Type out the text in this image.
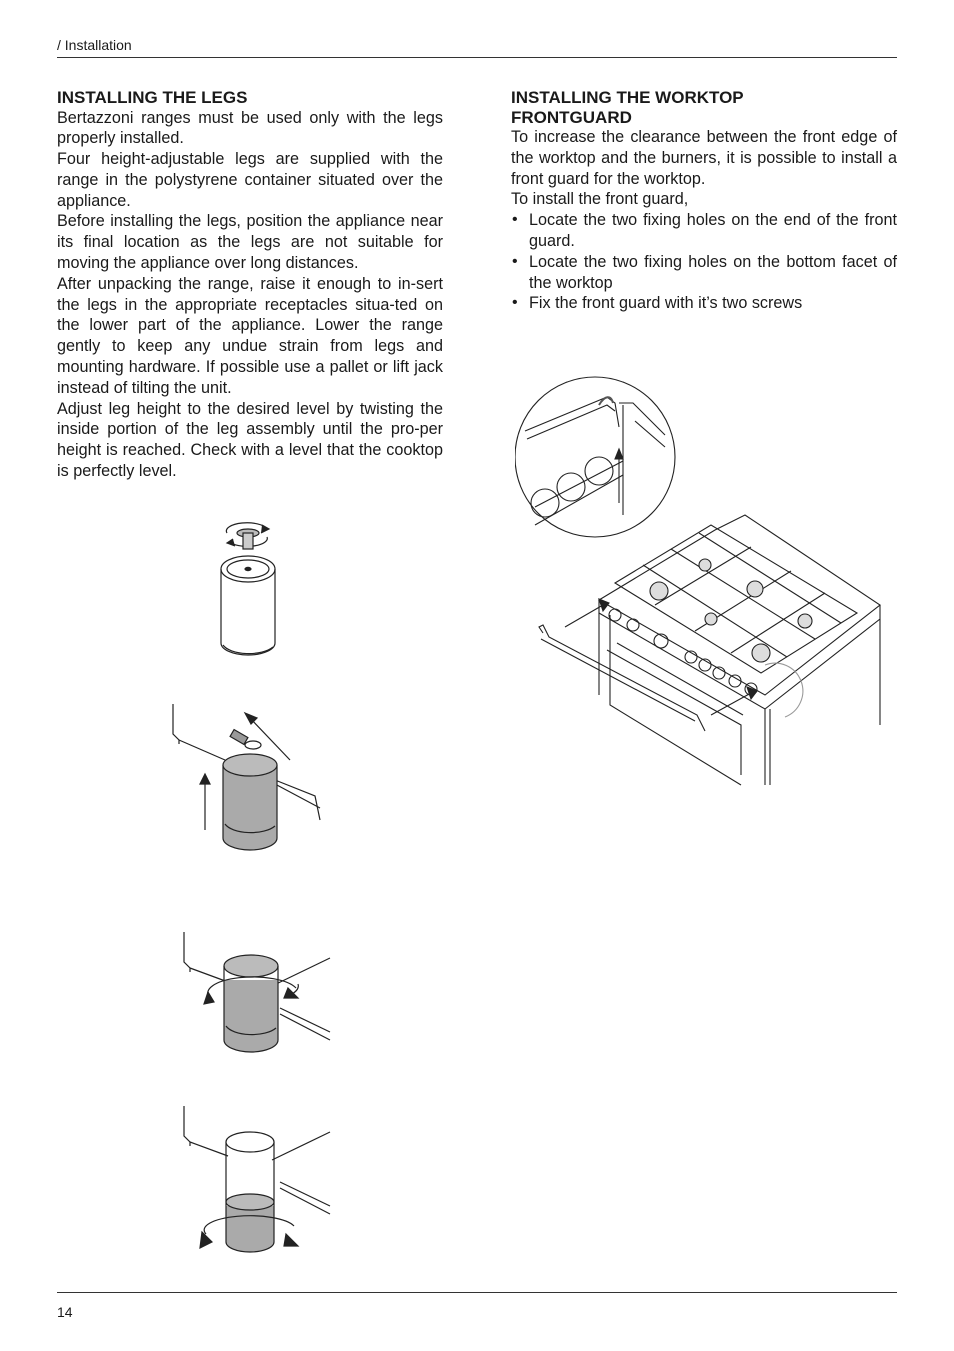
/ Installation
INSTALLING THE LEGS

Bertazzoni ranges must be used only with the legs properly installed.

Four height-adjustable legs are supplied with the range in the polystyrene container situated over the appliance.

Before installing the legs, position the appliance near its final location as the legs are not suitable for moving the appliance over long distances.

After unpacking the range, raise it enough to in-sert the legs in the appropriate receptacles situa-ted on the lower part of the appliance. Lower the range gently to keep any undue strain from legs and mounting hardware. If possible use a pallet or lift jack instead of tilting the unit.

Adjust leg height to the desired level by twisting the inside portion of the leg assembly until the pro-per height is reached. Check with a level that the cooktop is perfectly level.

INSTALLING THE WORKTOP
FRONTGUARD

To increase the clearance between the front edge of the worktop and the burners, it is possible to install a front guard for the worktop.

To install the front guard,

• Locate the two fixing holes on the end of the front guard.
• Locate the two fixing holes on the bottom facet of the worktop
• Fix the front guard with it’s two screws
14
